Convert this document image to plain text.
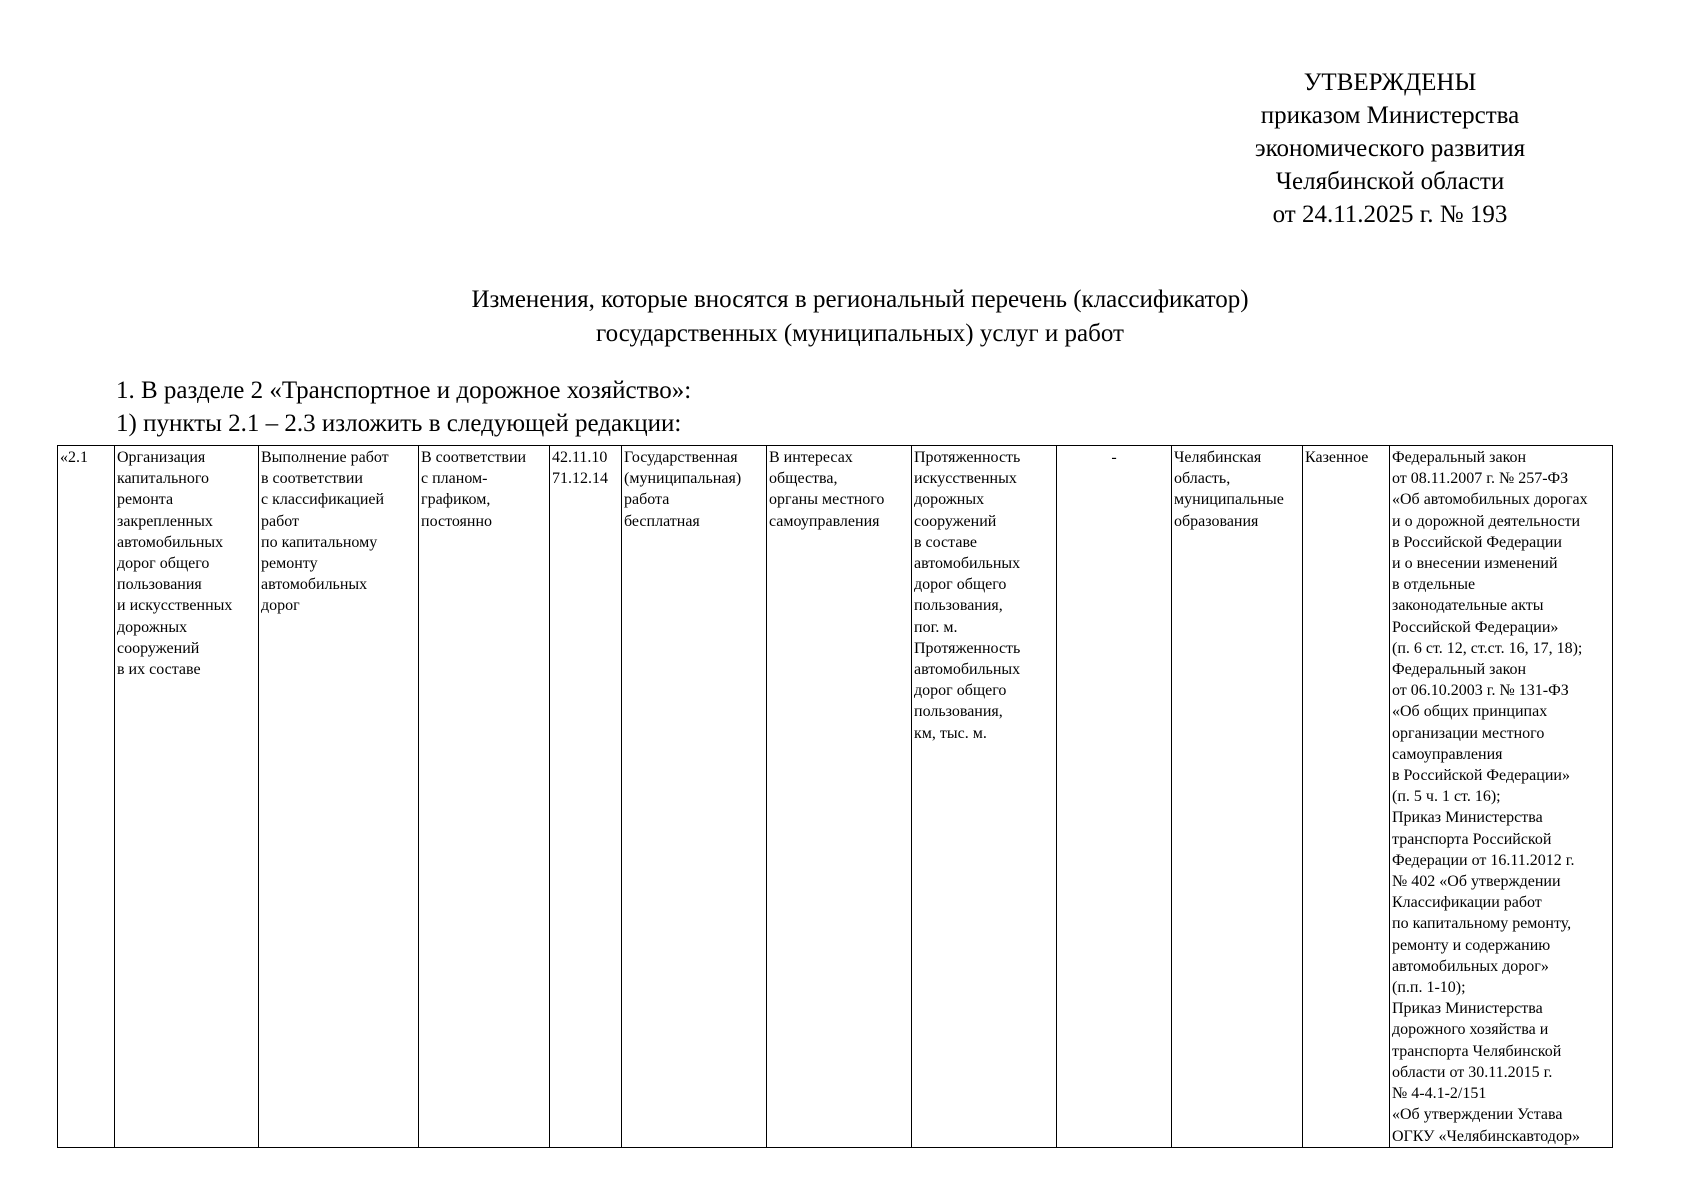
УТВЕРЖДЕНЫ
приказом Министерства
экономического развития
Челябинской области
от 24.11.2025 г. № 193
Изменения, которые вносятся в региональный перечень (классификатор)
государственных (муниципальных) услуг и работ
1. В разделе 2 «Транспортное и дорожное хозяйство»:
1) пункты 2.1 – 2.3 изложить в следующей редакции:
«2.1	Организация
капитального
ремонта
закрепленных
автомобильных
дорог общего
пользования
и искусственных
дорожных
сооружений
в их составе	Выполнение работ
в соответствии
с классификацией
работ
по капитальному
ремонту
автомобильных
дорог	В соответствии
с планом-
графиком,
постоянно	42.11.10
71.12.14	Государственная
(муниципальная)
работа
бесплатная	В интересах
общества,
органы местного
самоуправления	Протяженность
искусственных
дорожных
сооружений
в составе
автомобильных
дорог общего
пользования,
пог. м.
Протяженность
автомобильных
дорог общего
пользования,
км, тыс. м.	-	Челябинская
область,
муниципальные
образования	Казенное	Федеральный закон
от 08.11.2007 г. № 257-ФЗ
«Об автомобильных дорогах
и о дорожной деятельности
в Российской Федерации
и о внесении изменений
в отдельные
законодательные акты
Российской Федерации»
(п. 6 ст. 12, ст.ст. 16, 17, 18);
Федеральный закон
от 06.10.2003 г. № 131-ФЗ
«Об общих принципах
организации местного
самоуправления
в Российской Федерации»
(п. 5 ч. 1 ст. 16);
Приказ Министерства
транспорта Российской
Федерации от 16.11.2012 г.
№ 402 «Об утверждении
Классификации работ
по капитальному ремонту,
ремонту и содержанию
автомобильных дорог»
(п.п. 1-10);
Приказ Министерства
дорожного хозяйства и
транспорта Челябинской
области от 30.11.2015 г.
№ 4-4.1-2/151
«Об утверждении Устава
ОГКУ «Челябинскавтодор»
